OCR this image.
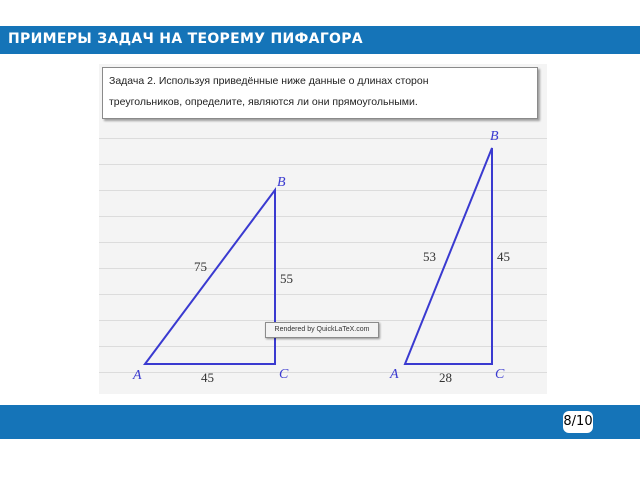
ПРИМЕРЫ ЗАДАЧ НА ТЕОРЕМУ ПИФАГОРА
Задача 2. Используя приведённые ниже данные о длинах сторон
треугольников, определите, являются ли они прямоугольными.
A
B
C
75
55
45	A
B
C
53	45
28
Rendered by QuickLaTeX.com
8/10
